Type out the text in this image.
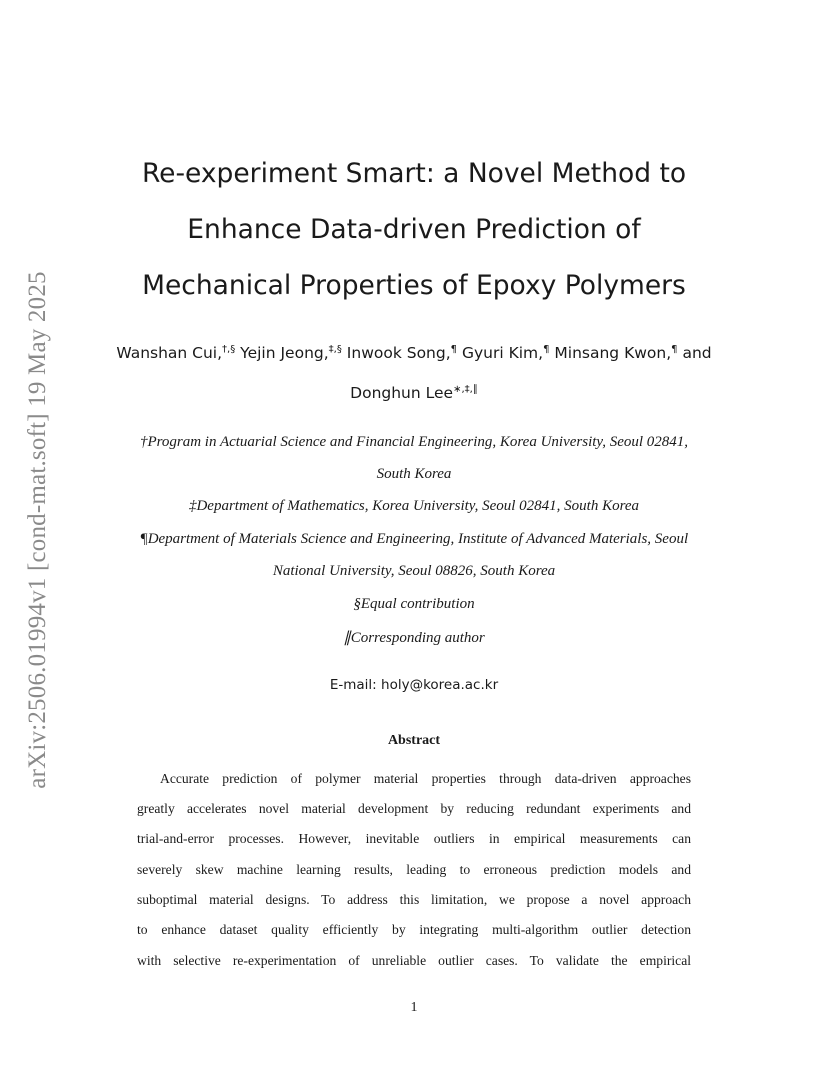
arXiv:2506.01994v1 [cond-mat.soft] 19 May 2025
Re-experiment Smart: a Novel Method to
Enhance Data-driven Prediction of
Mechanical Properties of Epoxy Polymers
Wanshan Cui,†,§ Yejin Jeong,‡,§ Inwook Song,¶ Gyuri Kim,¶ Minsang Kwon,¶ and
Donghun Lee∗,‡,∥
†Program in Actuarial Science and Financial Engineering, Korea University, Seoul 02841,
South Korea
‡Department of Mathematics, Korea University, Seoul 02841, South Korea
¶Department of Materials Science and Engineering, Institute of Advanced Materials, Seoul
National University, Seoul 08826, South Korea
§Equal contribution
∥Corresponding author
E-mail: holy@korea.ac.kr
Abstract
Accurate prediction of polymer material properties through data-driven approaches
greatly accelerates novel material development by reducing redundant experiments and
trial-and-error processes. However, inevitable outliers in empirical measurements can
severely skew machine learning results, leading to erroneous prediction models and
suboptimal material designs. To address this limitation, we propose a novel approach
to enhance dataset quality efficiently by integrating multi-algorithm outlier detection
with selective re-experimentation of unreliable outlier cases. To validate the empirical
1
